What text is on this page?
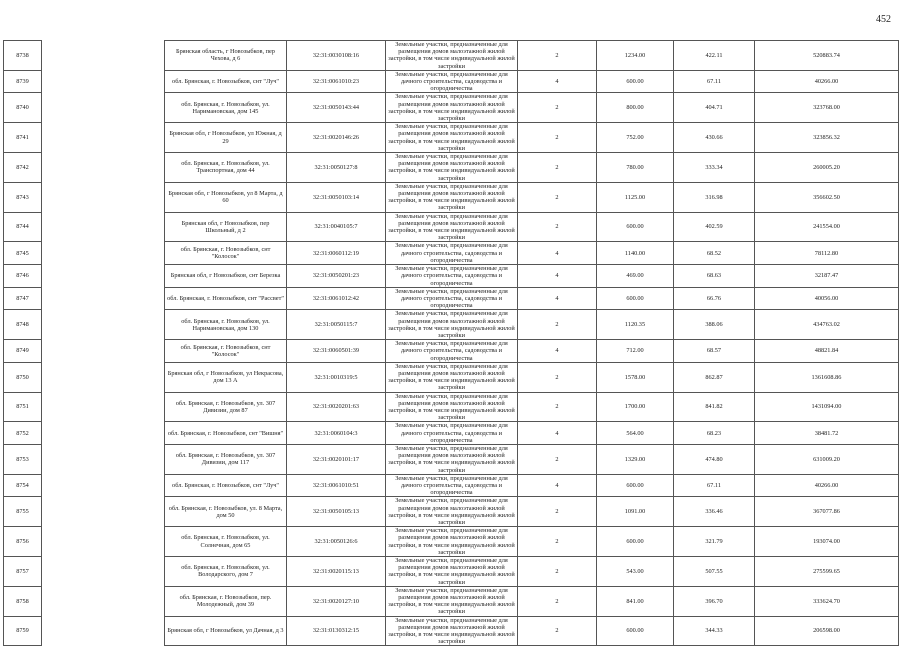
452
8738		Брянская область, г Новозыбков, пер Чехова, д 6	32:31:0030108:16	Земельные участки, предназначенные для размещения домов малоэтажной жилой застройки, в том числе индивидуальной жилой застройки	2	1234.00	422.11	520883.74
8739		обл. Брянская, г. Новозыбков, снт "Луч"	32:31:0061010:23	Земельные участки, предназначенные для дачного строительства, садоводства и огородничества	4	600.00	67.11	40266.00
8740		обл. Брянская, г. Новозыбков, ул. Наримановская, дом 145	32:31:0050143:44	Земельные участки, предназначенные для размещения домов малоэтажной жилой застройки, в том числе индивидуальной жилой застройки	2	800.00	404.71	323768.00
8741		Брянская обл, г Новозыбков, ул Южная, д 29	32:31:0020146:26	Земельные участки, предназначенные для размещения домов малоэтажной жилой застройки, в том числе индивидуальной жилой застройки	2	752.00	430.66	323856.32
8742		обл. Брянская, г. Новозыбков, ул. Транспортная, дом 44	32:31:0050127:8	Земельные участки, предназначенные для размещения домов малоэтажной жилой застройки, в том числе индивидуальной жилой застройки	2	780.00	333.34	260005.20
8743		Брянская обл, г Новозыбков, ул 8 Марта, д 60	32:31:0050103:14	Земельные участки, предназначенные для размещения домов малоэтажной жилой застройки, в том числе индивидуальной жилой застройки	2	1125.00	316.98	356602.50
8744		Брянская обл, г Новозыбков, пер Школьный, д 2	32:31:0040105:7	Земельные участки, предназначенные для размещения домов малоэтажной жилой застройки, в том числе индивидуальной жилой застройки	2	600.00	402.59	241554.00
8745		обл. Брянская, г. Новозыбков, снт "Колосок"	32:31:0060112:19	Земельные участки, предназначенные для дачного строительства, садоводства и огородничества	4	1140.00	68.52	78112.80
8746		Брянская обл, г Новозыбков, снт Березка	32:31:0050201:23	Земельные участки, предназначенные для дачного строительства, садоводства и огородничества	4	469.00	68.63	32187.47
8747		обл. Брянская, г. Новозыбков, снт "Рассвет"	32:31:0061012:42	Земельные участки, предназначенные для дачного строительства, садоводства и огородничества	4	600.00	66.76	40056.00
8748		обл. Брянская, г. Новозыбков, ул. Наримановская, дом 130	32:31:0050115:7	Земельные участки, предназначенные для размещения домов малоэтажной жилой застройки, в том числе индивидуальной жилой застройки	2	1120.35	388.06	434763.02
8749		обл. Брянская, г. Новозыбков, снт "Колосок"	32:31:0060501:39	Земельные участки, предназначенные для дачного строительства, садоводства и огородничества	4	712.00	68.57	48821.84
8750		Брянская обл, г Новозыбков, ул Некрасова, дом 13 А	32:31:0010319:5	Земельные участки, предназначенные для размещения домов малоэтажной жилой застройки, в том числе индивидуальной жилой застройки	2	1578.00	862.87	1361608.86
8751		обл. Брянская, г. Новозыбков, ул. 307 Дивизии, дом 87	32:31:0020201:63	Земельные участки, предназначенные для размещения домов малоэтажной жилой застройки, в том числе индивидуальной жилой застройки	2	1700.00	841.82	1431094.00
8752		обл. Брянская, г. Новозыбков, снт "Вишня"	32:31:0060104:3	Земельные участки, предназначенные для дачного строительства, садоводства и огородничества	4	564.00	68.23	38481.72
8753		обл. Брянская, г. Новозыбков, ул. 307 Дивизии, дом 117	32:31:0020101:17	Земельные участки, предназначенные для размещения домов малоэтажной жилой застройки, в том числе индивидуальной жилой застройки	2	1329.00	474.80	631009.20
8754		обл. Брянская, г. Новозыбков, снт "Луч"	32:31:0061010:51	Земельные участки, предназначенные для дачного строительства, садоводства и огородничества	4	600.00	67.11	40266.00
8755		обл. Брянская, г. Новозыбков, ул. 8 Марта, дом 50	32:31:0050105:13	Земельные участки, предназначенные для размещения домов малоэтажной жилой застройки, в том числе индивидуальной жилой застройки	2	1091.00	336.46	367077.86
8756		обл. Брянская, г. Новозыбков, ул. Солнечная, дом 65	32:31:0050126:6	Земельные участки, предназначенные для размещения домов малоэтажной жилой застройки, в том числе индивидуальной жилой застройки	2	600.00	321.79	193074.00
8757		обл. Брянская, г. Новозыбков, ул. Володарского, дом 7	32:31:0020115:13	Земельные участки, предназначенные для размещения домов малоэтажной жилой застройки, в том числе индивидуальной жилой застройки	2	543.00	507.55	275599.65
8758		обл. Брянская, г. Новозыбков, пер. Молодежный, дом 39	32:31:0020127:10	Земельные участки, предназначенные для размещения домов малоэтажной жилой застройки, в том числе индивидуальной жилой застройки	2	841.00	396.70	333624.70
8759		Брянская обл, г Новозыбков, ул Дачная, д 3	32:31:0130312:15	Земельные участки, предназначенные для размещения домов малоэтажной жилой застройки, в том числе индивидуальной жилой застройки	2	600.00	344.33	206598.00
